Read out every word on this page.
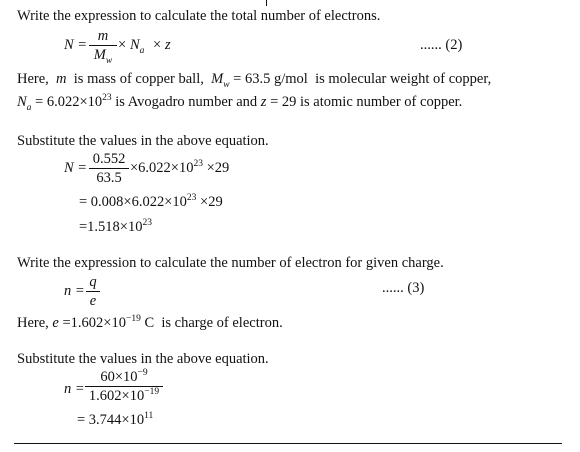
Write the expression to calculate the total number of electrons.
N =
m
$M_w$
× $N_a \times z$	...... (2)
Here, m is mass of copper ball, $M_w = 63.5$ g/mol is molecular weight of copper,
$N_a = 6.022\times 10^{23}$ is Avogadro number and z = 29 is atomic number of copper.
Substitute the values in the above equation.
N =
0.552
63.5
$\times 6.022\times 10^{23} \times 29$
= $0.008\times 6.022\times 10^{23} \times 29$
$=1.518\times 10^{23}$
Write the expression to calculate the number of electron for given charge.
n =
q
e
...... (3)
Here, $e =1.602\times 10^{-19}$ C is charge of electron.
Substitute the values in the above equation.
n =
$60\times 10^{-9}$
$1.602\times 10^{-19}$
= $3.744\times 10^{11}$
